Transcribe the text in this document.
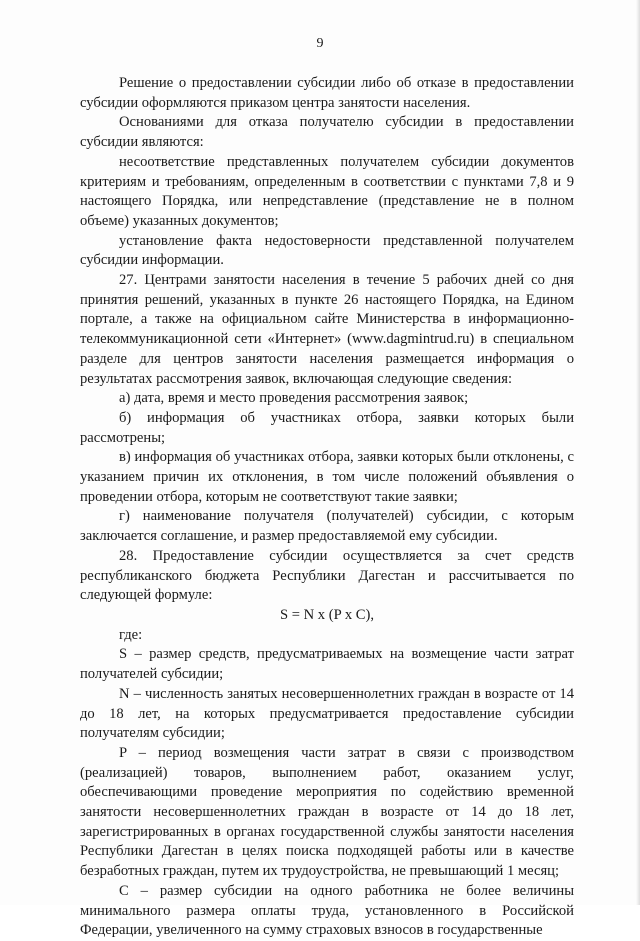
9

Решение о предоставлении субсидии либо об отказе в предоставлении субсидии оформляются приказом центра занятости населения.

Основаниями для отказа получателю субсидии в предоставлении субсидии являются:

несоответствие представленных получателем субсидии документов критериям и требованиям, определенным в соответствии с пунктами 7,8 и 9 настоящего Порядка, или непредставление (представление не в полном объеме) указанных документов;

установление факта недостоверности представленной получателем субсидии информации.

27. Центрами занятости населения в течение 5 рабочих дней со дня принятия решений, указанных в пункте 26 настоящего Порядка, на Едином портале, а также на официальном сайте Министерства в информационно-телекоммуникационной сети «Интернет» (www.dagmintrud.ru) в специальном разделе для центров занятости населения размещается информация о результатах рассмотрения заявок, включающая следующие сведения:

а) дата, время и место проведения рассмотрения заявок;

б) информация об участниках отбора, заявки которых были рассмотрены;

в) информация об участниках отбора, заявки которых были отклонены, с указанием причин их отклонения, в том числе положений объявления о проведении отбора, которым не соответствуют такие заявки;

г) наименование получателя (получателей) субсидии, с которым заключается соглашение, и размер предоставляемой ему субсидии.

28. Предоставление субсидии осуществляется за счет средств республиканского бюджета Республики Дагестан и рассчитывается по следующей формуле:

S = N х (P х C),

где:

S – размер средств, предусматриваемых на возмещение части затрат получателей субсидии;

N – численность занятых несовершеннолетних граждан в возрасте от 14 до 18 лет, на которых предусматривается предоставление субсидии получателям субсидии;

P – период возмещения части затрат в связи с производством (реализацией) товаров, выполнением работ, оказанием услуг, обеспечивающими проведение мероприятия по содействию временной занятости несовершеннолетних граждан в возрасте от 14 до 18 лет, зарегистрированных в органах государственной службы занятости населения Республики Дагестан в целях поиска подходящей работы или в качестве безработных граждан, путем их трудоустройства, не превышающий 1 месяц;

С – размер субсидии на одного работника не более величины минимального размера оплаты труда, установленного в Российской Федерации, увеличенного на сумму страховых взносов в государственные
